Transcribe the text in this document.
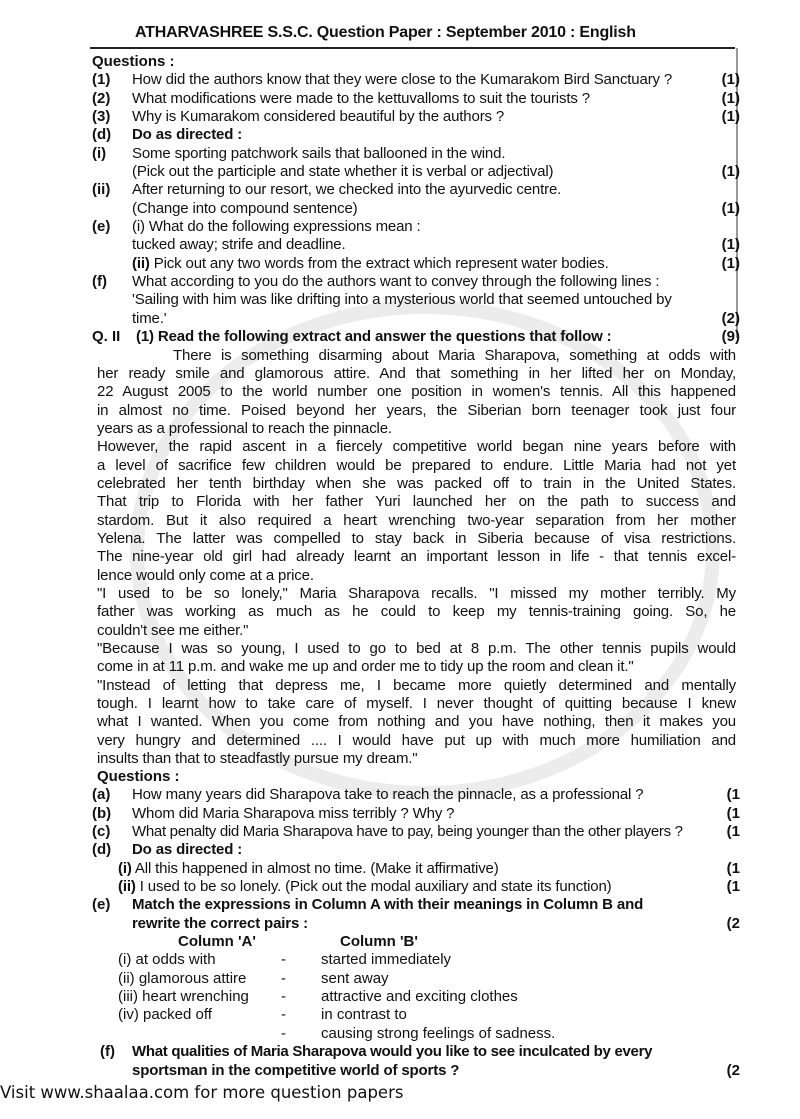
ATHARVASHREE S.S.C. Question Paper : September 2010 : English
Questions :
(1)	How did the authors know that they were close to the Kumarakom Bird Sanctuary ?	(1)
(2)	What modifications were made to the kettuvalloms to suit the tourists ?	(1)
(3)	Why is Kumarakom considered beautiful by the authors ?	(1)
(d)	Do as directed :
(i)	Some sporting patchwork sails that ballooned in the wind.
(Pick out the participle and state whether it is verbal or adjectival)	(1)
(ii)	After returning to our resort, we checked into the ayurvedic centre.
(Change into compound sentence)	(1)
(e)	(i) What do the following expressions mean :
tucked away; strife and deadline.	(1)
(ii) Pick out any two words from the extract which represent water bodies.	(1)
(f)	What according to you do the authors want to convey through the following lines :
'Sailing with him was like drifting into a mysterious world that seemed untouched by
time.'	(2)
Q. II	(1) Read the following extract and answer the questions that follow :	(9)
There is something disarming about Maria Sharapova, something at odds with
her ready smile and glamorous attire. And that something in her lifted her on Monday,
22 August 2005 to the world number one position in women's tennis. All this happened
in almost no time. Poised beyond her years, the Siberian born teenager took just four
years as a professional to reach the pinnacle.
However, the rapid ascent in a fiercely competitive world began nine years before with
a level of sacrifice few children would be prepared to endure. Little Maria had not yet
celebrated her tenth birthday when she was packed off to train in the United States.
That trip to Florida with her father Yuri launched her on the path to success and
stardom. But it also required a heart wrenching two-year separation from her mother
Yelena. The latter was compelled to stay back in Siberia because of visa restrictions.
The nine-year old girl had already learnt an important lesson in life - that tennis excel-
lence would only come at a price.
"I used to be so lonely," Maria Sharapova recalls. "I missed my mother terribly. My
father was working as much as he could to keep my tennis-training going. So, he
couldn't see me either."
"Because I was so young, I used to go to bed at 8 p.m. The other tennis pupils would
come in at 11 p.m. and wake me up and order me to tidy up the room and clean it."
"Instead of letting that depress me, I became more quietly determined and mentally
tough. I learnt how to take care of myself. I never thought of quitting because I knew
what I wanted. When you come from nothing and you have nothing, then it makes you
very hungry and determined .... I would have put up with much more humiliation and
insults than that to steadfastly pursue my dream."
Questions :
(a)	How many years did Sharapova take to reach the pinnacle, as a professional ?	(1
(b)	Whom did Maria Sharapova miss terribly ? Why ?	(1
(c)	What penalty did Maria Sharapova have to pay, being younger than the other players ?	(1
(d)	Do as directed :
(i) All this happened in almost no time. (Make it affirmative)	(1
(ii) I used to be so lonely. (Pick out the modal auxiliary and state its function)	(1
(e)	Match the expressions in Column A with their meanings in Column B and
rewrite the correct pairs :	(2
Column 'A'	Column 'B'
(i) at odds with	- started immediately
(ii) glamorous attire - sent away
(iii) heart wrenching - attractive and exciting clothes
(iv) packed off	- in contrast to
- causing strong feelings of sadness.
(f)	What qualities of Maria Sharapova would you like to see inculcated by every
sportsman in the competitive world of sports ?	(2
Visit www.shaalaa.com for more question papers
